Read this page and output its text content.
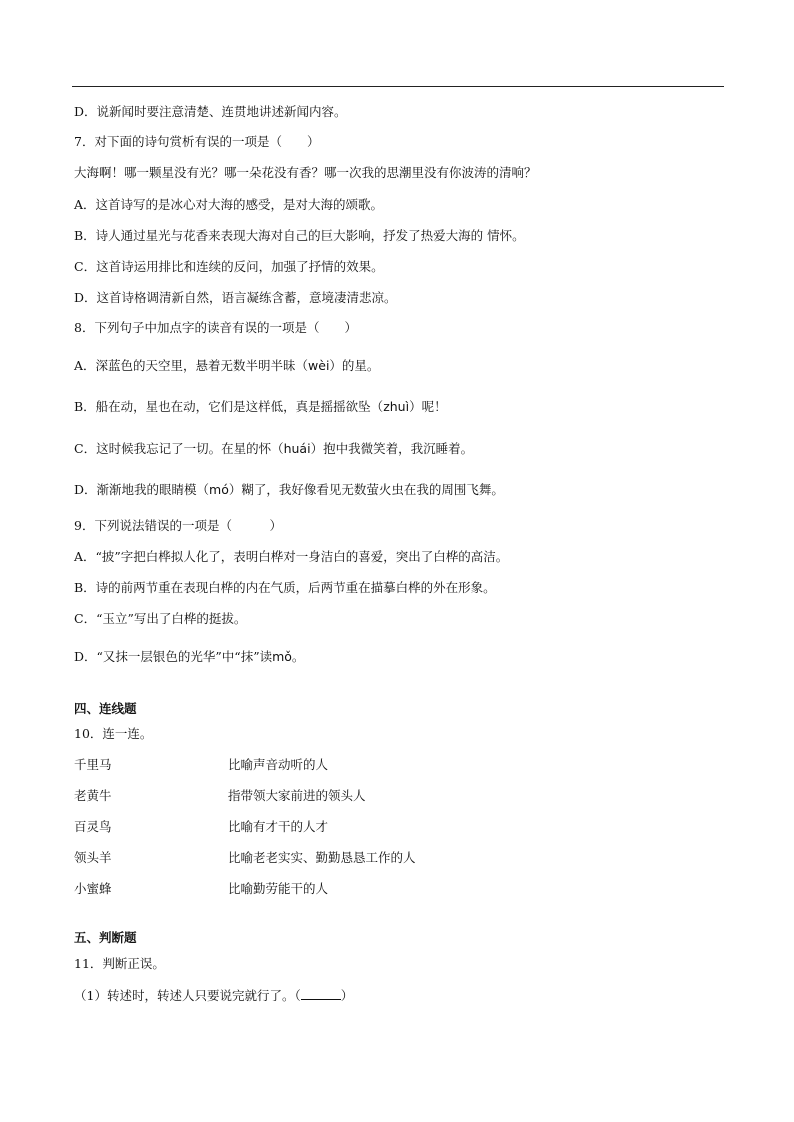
D．说新闻时要注意清楚、连贯地讲述新闻内容。
7．对下面的诗句赏析有误的一项是（　　）
大海啊！哪一颗星没有光？哪一朵花没有香？哪一次我的思潮里没有你波涛的清响？
A．这首诗写的是冰心对大海的感受，是对大海的颂歌。
B．诗人通过星光与花香来表现大海对自己的巨大影响，抒发了热爱大海的 情怀。
C．这首诗运用排比和连续的反问，加强了抒情的效果。
D．这首诗格调清新自然，语言凝练含蓄，意境凄清悲凉。
8．下列句子中加点字的读音有误的一项是（　　）
A．深蓝色的天空里，悬着无数半明半昧（wèi）的星。
B．船在动，星也在动，它们是这样低，真是摇摇欲坠（zhuì）呢！
C．这时候我忘记了一切。在星的怀（huái）抱中我微笑着，我沉睡着。
D．渐渐地我的眼睛模（mó）糊了，我好像看见无数萤火虫在我的周围飞舞。
9．下列说法错误的一项是（　　　）
A．“披”字把白桦拟人化了，表明白桦对一身洁白的喜爱，突出了白桦的高洁。
B．诗的前两节重在表现白桦的内在气质，后两节重在描摹白桦的外在形象。
C．“玉立”写出了白桦的挺拔。
D．“又抹一层银色的光华”中“抹”读mǒ。
四、连线题
10．连一连。
千里马	比喻声音动听的人
老黄牛	指带领大家前进的领头人
百灵鸟	比喻有才干的人才
领头羊	比喻老老实实、勤勤恳恳工作的人
小蜜蜂	比喻勤劳能干的人
五、判断题
11．判断正误。
（1）转述时，转述人只要说完就行了。（	）
